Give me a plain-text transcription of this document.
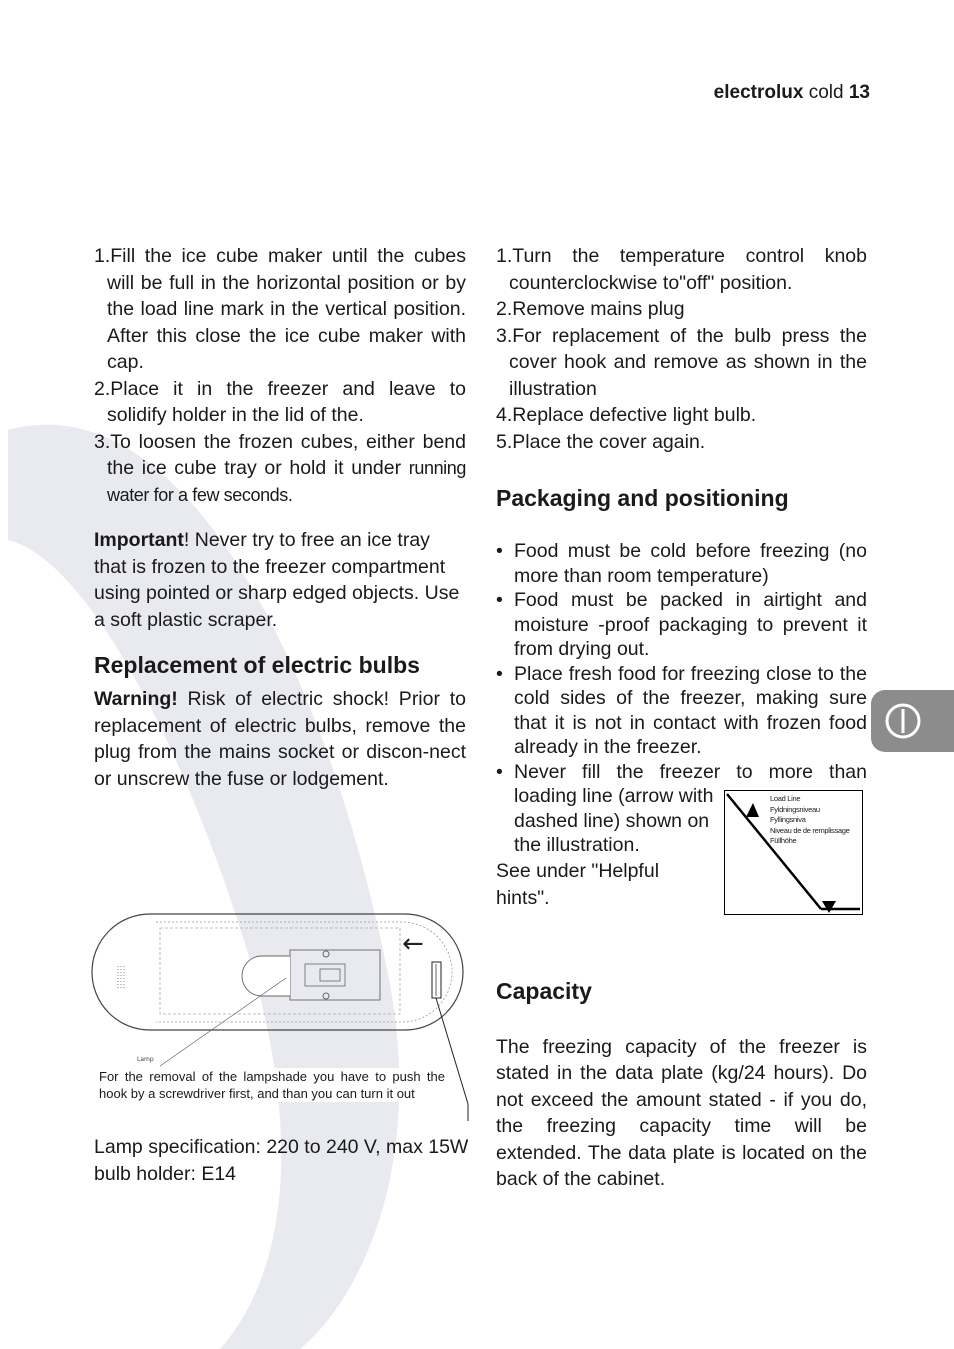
electrolux cold 13
1.Fill the ice cube maker until the cubes will be full in the horizontal position or by the load line mark in the vertical position. After this close the ice cube maker with cap.
2.Place it in the freezer and leave to solidify holder in the lid of the.
3.To loosen the frozen cubes, either bend the ice cube tray or hold it under running water for a few seconds.

Important! Never try to free an ice tray that is frozen to the freezer compartment using pointed or sharp edged objects. Use a soft plastic scraper.

Replacement of electric bulbs

Warning! Risk of electric shock! Prior to replacement of electric bulbs, remove the plug from the mains socket or discon-nect or unscrew the fuse or lodgement.

←
Lamp
For the removal of the lampshade you have to push the hook by a screwdriver first, and than you can turn it out
Lamp specification: 220 to 240 V, max 15W bulb holder: E14
1.Turn the temperature control knob counterclockwise to"off" position.
2.Remove mains plug
3.For replacement of the bulb press the cover hook and remove as shown in the illustration
4.Replace defective light bulb.
5.Place the cover again.
Packaging and positioning
• Food must be cold before freezing (no more than room temperature)
• Food must be packed in airtight and moisture -proof packaging to prevent it from drying out.
• Place fresh food for freezing close to the cold sides of the freezer, making sure that it is not in contact with frozen food already in the freezer.
• Never fill the freezer to more than
loading line (arrow with
dashed line) shown on
the illustration.

See under "Helpful hints".

Capacity

The freezing capacity of the freezer is stated in the data plate (kg/24 hours). Do not exceed the amount stated - if you do, the freezing capacity time will be extended. The data plate is located on the back of the cabinet.

Load Line
Fyldningsniveau
Fyllingsniva
Niveau de de remplissage
Füllhöhe
